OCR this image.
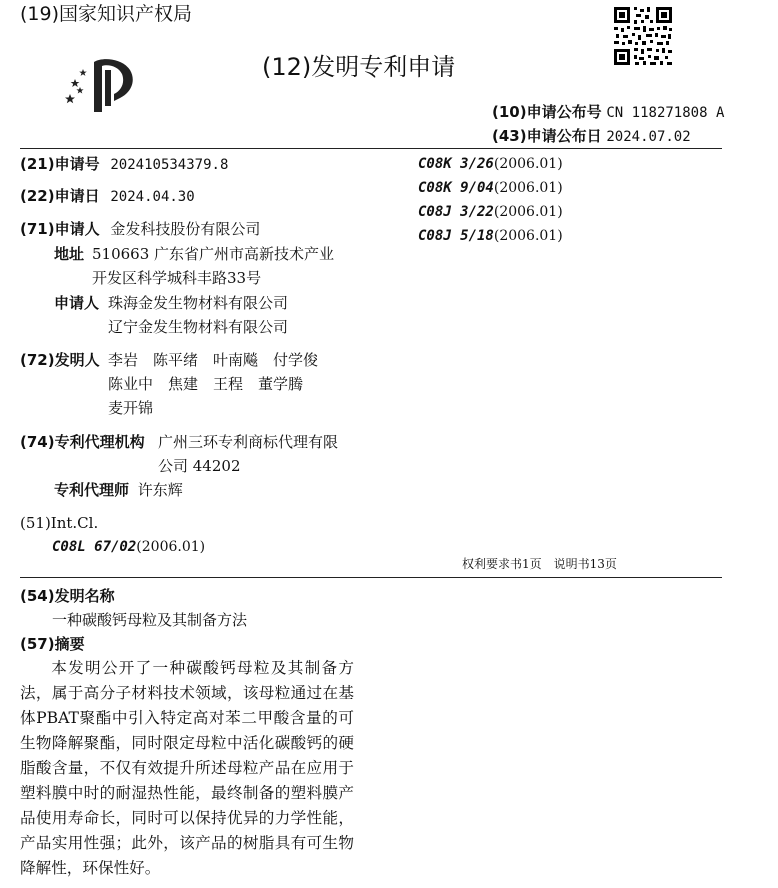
(19)国家知识产权局
(12)发明专利申请
(10)申请公布号 CN 118271808 A
(43)申请公布日 2024.07.02
(21)申请号 202410534379.8
(22)申请日 2024.04.30
(71)申请人 金发科技股份有限公司
地址 510663 广东省广州市高新技术产业
开发区科学城科丰路33号
申请人 珠海金发生物材料有限公司
辽宁金发生物材料有限公司
(72)发明人 李岩　陈平绪　叶南飚　付学俊
陈业中　焦建　王程　董学腾
麦开锦
(74)专利代理机构 广州三环专利商标代理有限
公司 44202
专利代理师 许东辉
(51)Int.Cl.
C08L 67/02(2006.01)
C08K 3/26(2006.01)
C08K 9/04(2006.01)
C08J 3/22(2006.01)
C08J 5/18(2006.01)
权利要求书1页　说明书13页
(54)发明名称
一种碳酸钙母粒及其制备方法
(57)摘要

本发明公开了一种碳酸钙母粒及其制备方法，属于高分子材料技术领域，该母粒通过在基体PBAT聚酯中引入特定高对苯二甲酸含量的可生物降解聚酯，同时限定母粒中活化碳酸钙的硬脂酸含量，不仅有效提升所述母粒产品在应用于塑料膜中时的耐湿热性能，最终制备的塑料膜产品使用寿命长，同时可以保持优异的力学性能，产品实用性强；此外，该产品的树脂具有可生物降解性，环保性好。
